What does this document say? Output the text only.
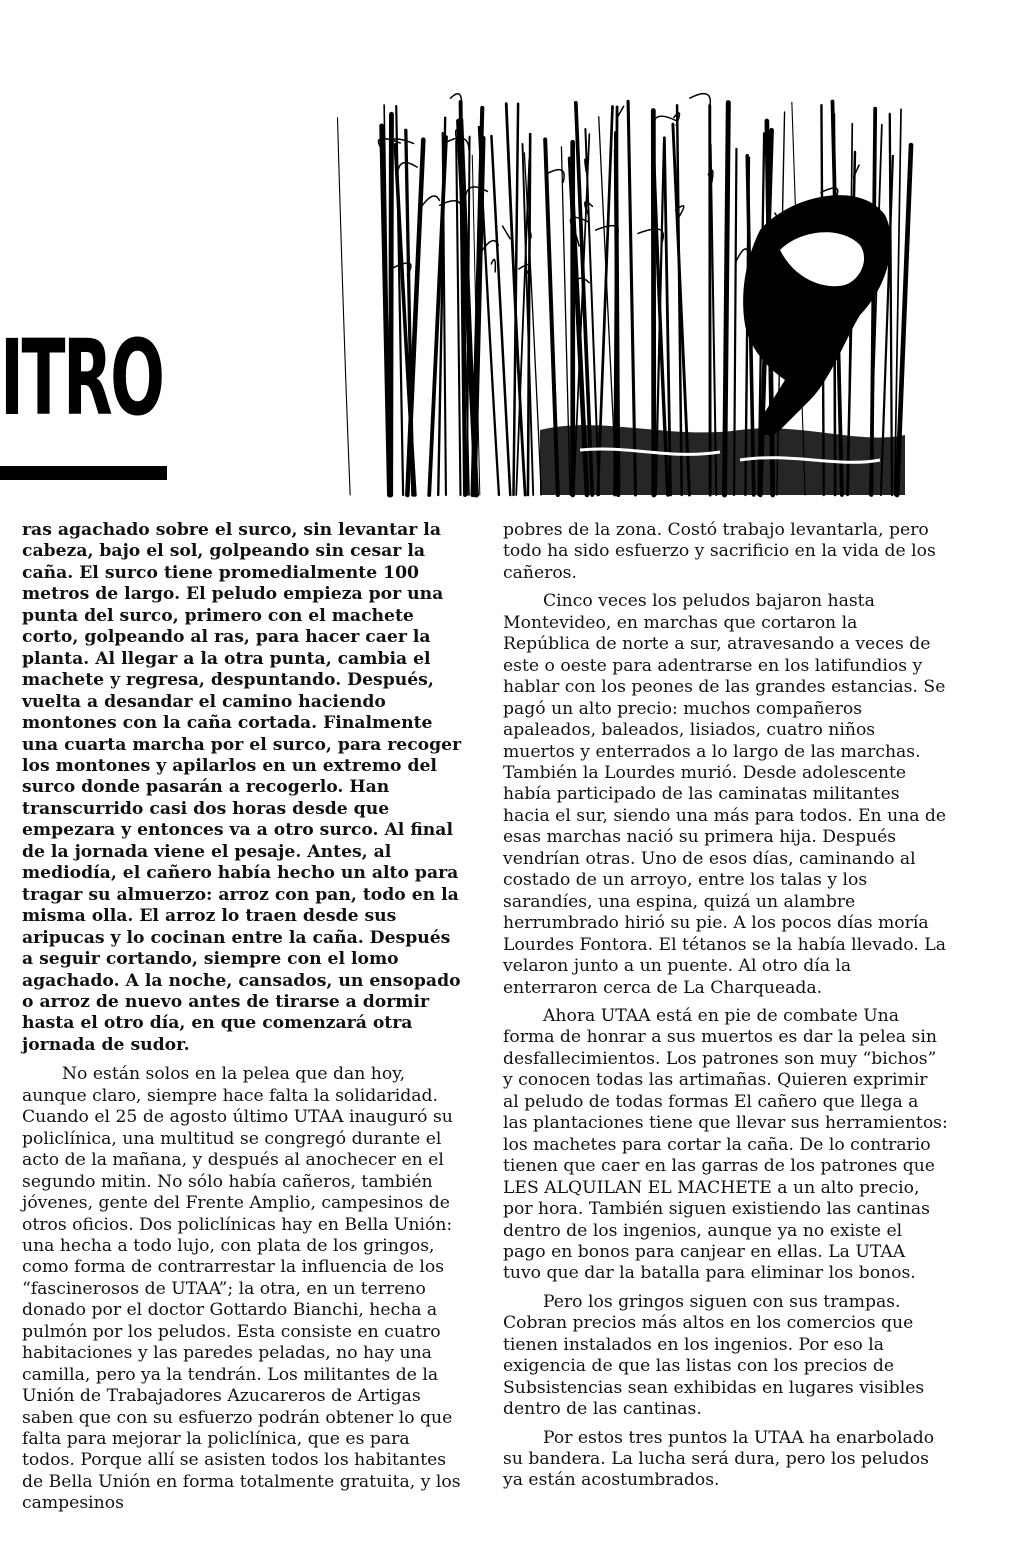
ITRO

ras agachado sobre el surco, sin levantar la cabeza, bajo el sol, golpeando sin cesar la caña. El surco tiene promedialmente 100 metros de largo. El peludo empieza por una punta del surco, primero con el machete corto, golpeando al ras, para hacer caer la planta. Al llegar a la otra punta, cambia el machete y regresa, despuntando. Después, vuelta a desandar el camino haciendo montones con la caña cortada. Finalmente una cuarta marcha por el surco, para recoger los montones y apilarlos en un extremo del surco donde pasarán a recogerlo. Han transcurrido casi dos horas desde que empezara y entonces va a otro surco. Al final de la jornada viene el pesaje. Antes, al mediodía, el cañero había hecho un alto para tragar su almuerzo: arroz con pan, todo en la misma olla. El arroz lo traen desde sus aripucas y lo cocinan entre la caña. Después a seguir cortando, siempre con el lomo agachado. A la noche, cansados, un ensopado o arroz de nuevo antes de tirarse a dormir hasta el otro día, en que comenzará otra jornada de sudor.

No están solos en la pelea que dan hoy, aunque claro, siempre hace falta la solidaridad. Cuando el 25 de agosto último UTAA inauguró su policlínica, una multitud se congregó durante el acto de la mañana, y después al anochecer en el segundo mitin. No sólo había cañeros, también jóvenes, gente del Frente Amplio, campesinos de otros oficios. Dos policlínicas hay en Bella Unión: una hecha a todo lujo, con plata de los gringos, como forma de contrarrestar la influencia de los “fascinerosos de UTAA”; la otra, en un terreno donado por el doctor Gottardo Bianchi, hecha a pulmón por los peludos. Esta consiste en cuatro habitaciones y las paredes peladas, no hay una camilla, pero ya la tendrán. Los militantes de la Unión de Trabajadores Azucareros de Artigas saben que con su esfuerzo podrán obtener lo que falta para mejorar la policlínica, que es para todos. Porque allí se asisten todos los habitantes de Bella Unión en forma totalmente gratuita, y los campesinos

pobres de la zona. Costó trabajo levantarla, pero todo ha sido esfuerzo y sacrificio en la vida de los cañeros.

Cinco veces los peludos bajaron hasta Montevideo, en marchas que cortaron la República de norte a sur, atravesando a veces de este o oeste para adentrarse en los latifundios y hablar con los peones de las grandes estancias. Se pagó un alto precio: muchos compañeros apaleados, baleados, lisiados, cuatro niños muertos y enterrados a lo largo de las marchas. También la Lourdes murió. Desde adolescente había participado de las caminatas militantes hacia el sur, siendo una más para todos. En una de esas marchas nació su primera hija. Después vendrían otras. Uno de esos días, caminando al costado de un arroyo, entre los talas y los sarandíes, una espina, quizá un alambre herrumbrado hirió su pie. A los pocos días moría Lourdes Fontora. El tétanos se la había llevado. La velaron junto a un puente. Al otro día la enterraron cerca de La Charqueada.

Ahora UTAA está en pie de combate Una forma de honrar a sus muertos es dar la pelea sin desfallecimientos. Los patrones son muy “bichos” y conocen todas las artimañas. Quieren exprimir al peludo de todas formas El cañero que llega a las plantaciones tiene que llevar sus herramientos: los machetes para cortar la caña. De lo contrario tienen que caer en las garras de los patrones que LES ALQUILAN EL MACHETE a un alto precio, por hora. También siguen existiendo las cantinas dentro de los ingenios, aunque ya no existe el pago en bonos para canjear en ellas. La UTAA tuvo que dar la batalla para eliminar los bonos.

Pero los gringos siguen con sus trampas. Cobran precios más altos en los comercios que tienen instalados en los ingenios. Por eso la exigencia de que las listas con los precios de Subsistencias sean exhibidas en lugares visibles dentro de las cantinas.

Por estos tres puntos la UTAA ha enarbolado su bandera. La lucha será dura, pero los peludos ya están acostumbrados.
